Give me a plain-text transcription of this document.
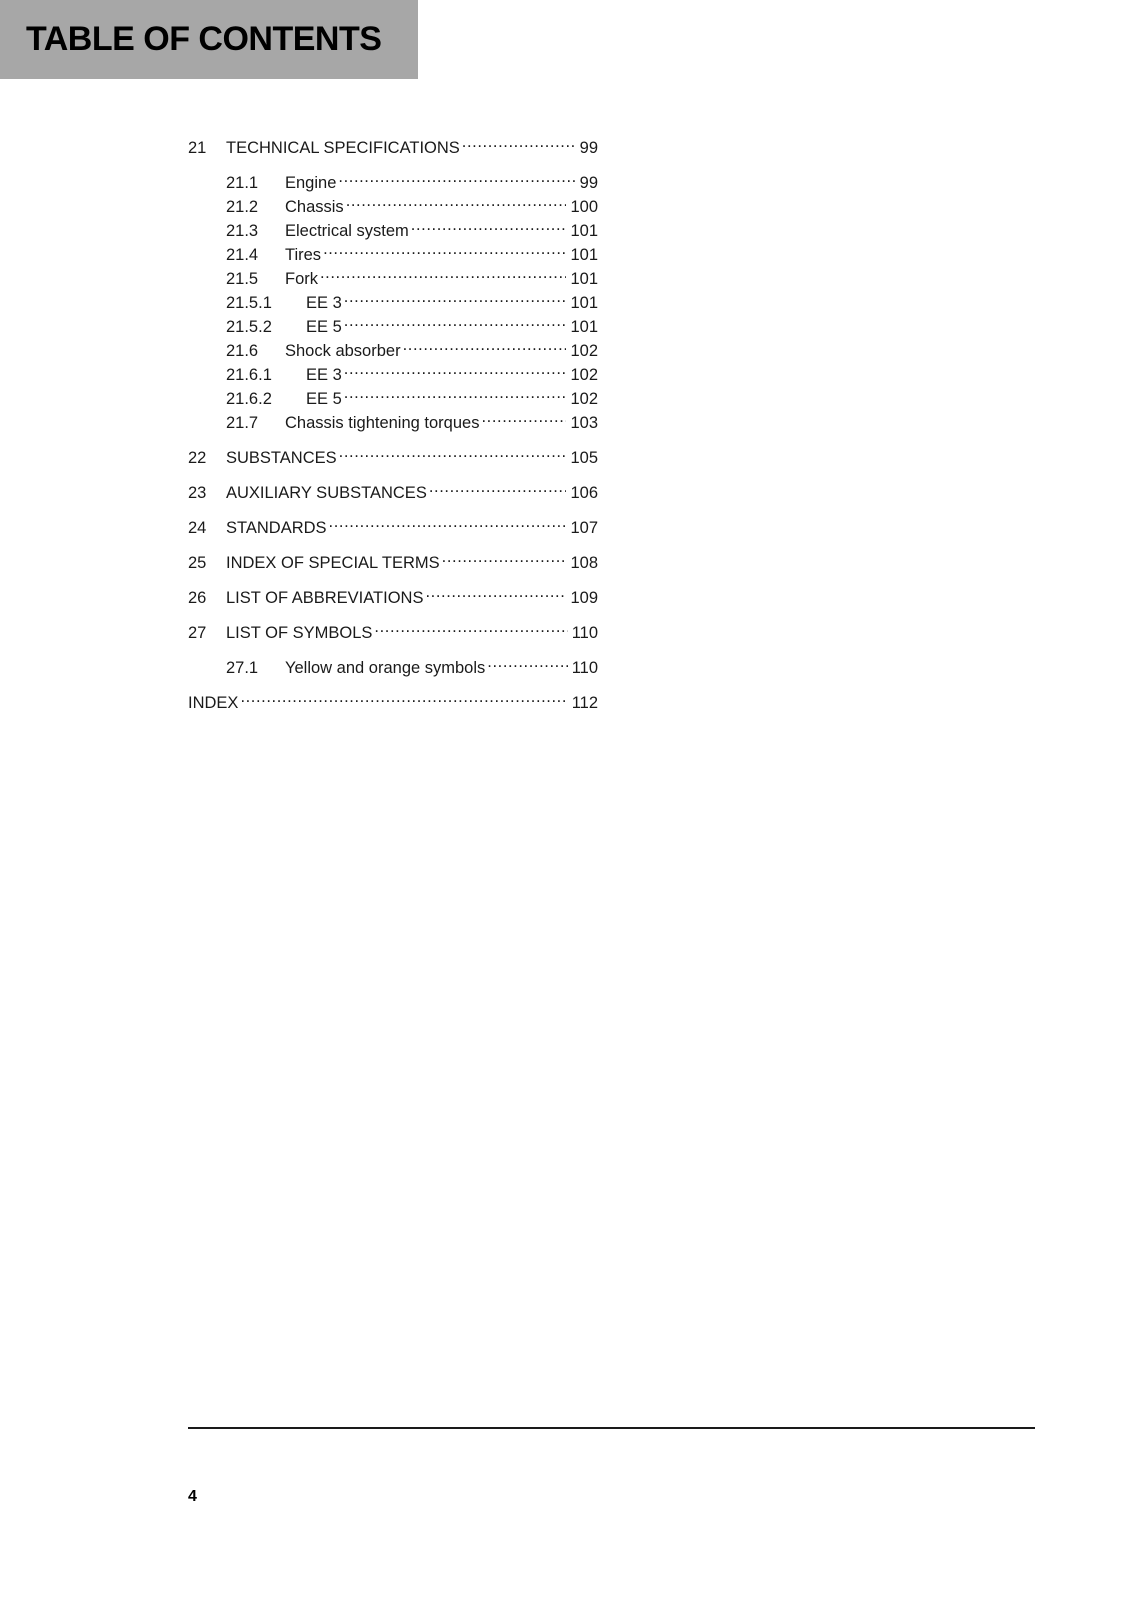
TABLE OF CONTENTS
21	TECHNICAL SPECIFICATIONS .....	99
21.1	Engine .....	99
21.2	Chassis .....	100
21.3	Electrical system .....	101
21.4	Tires .....	101
21.5	Fork .....	101
21.5.1	EE 3 .....	101
21.5.2	EE 5 .....	101
21.6	Shock absorber .....	102
21.6.1	EE 3 .....	102
21.6.2	EE 5 .....	102
21.7	Chassis tightening torques .....	103
22	SUBSTANCES .....	105
23	AUXILIARY SUBSTANCES .....	106
24	STANDARDS .....	107
25	INDEX OF SPECIAL TERMS .....	108
26	LIST OF ABBREVIATIONS .....	109
27	LIST OF SYMBOLS .....	110
27.1	Yellow and orange symbols .....	110
INDEX .....	112
4
